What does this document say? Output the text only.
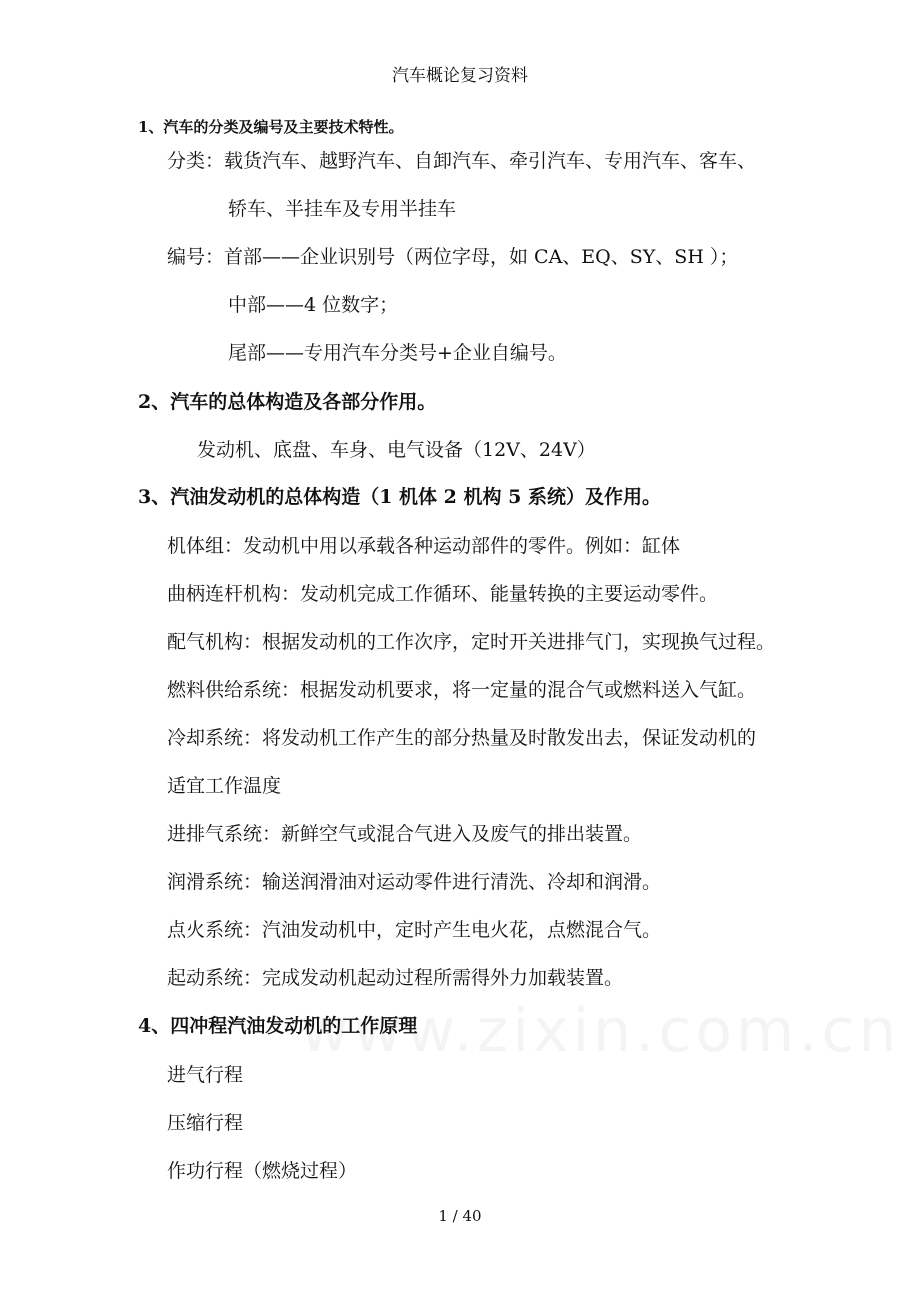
汽车概论复习资料
1、汽车的分类及编号及主要技术特性。
分类：载货汽车、越野汽车、自卸汽车、牵引汽车、专用汽车、客车、
轿车、半挂车及专用半挂车
编号：首部——企业识别号（两位字母，如 CA、EQ、SY、SH ）；
中部——4 位数字；
尾部——专用汽车分类号+企业自编号。
2、汽车的总体构造及各部分作用。
发动机、底盘、车身、电气设备（12V、24V）
3、汽油发动机的总体构造（1 机体 2 机构 5 系统）及作用。
机体组：发动机中用以承载各种运动部件的零件。例如：缸体
曲柄连杆机构：发动机完成工作循环、能量转换的主要运动零件。
配气机构：根据发动机的工作次序，定时开关进排气门，实现换气过程。
燃料供给系统：根据发动机要求，将一定量的混合气或燃料送入气缸。
冷却系统：将发动机工作产生的部分热量及时散发出去，保证发动机的
适宜工作温度
进排气系统：新鲜空气或混合气进入及废气的排出装置。
润滑系统：输送润滑油对运动零件进行清洗、冷却和润滑。
点火系统：汽油发动机中，定时产生电火花，点燃混合气。
起动系统：完成发动机起动过程所需得外力加载装置。
4、四冲程汽油发动机的工作原理
进气行程
压缩行程
作功行程（燃烧过程）
1 / 40
